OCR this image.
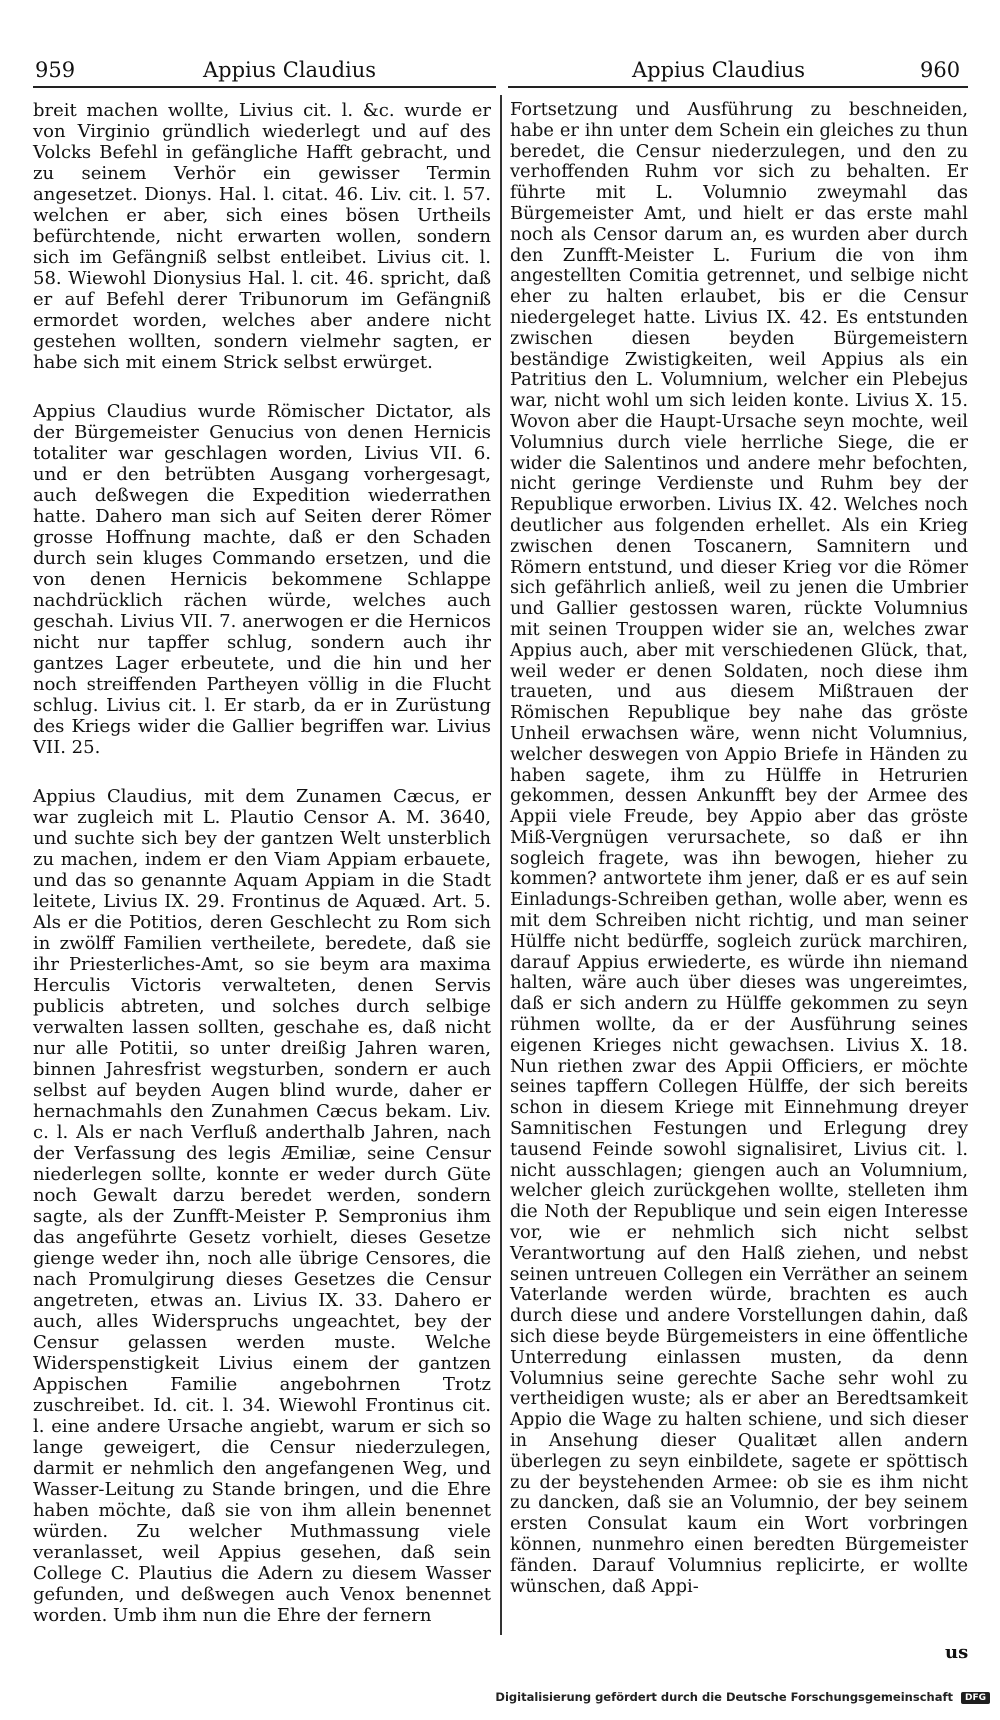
959	Appius Claudius	Appius Claudius	960

breit machen wollte, Livius cit. l. &c. wurde er von Virginio gründlich wiederlegt und auf des Volcks Befehl in gefängliche Hafft gebracht, und zu seinem Verhör ein gewisser Termin angesetzet. Dionys. Hal. l. citat. 46. Liv. cit. l. 57. welchen er aber, sich eines bösen Urtheils befürchtende, nicht erwarten wollen, sondern sich im Gefängniß selbst entleibet. Livius cit. l. 58. Wiewohl Dionysius Hal. l. cit. 46. spricht, daß er auf Befehl derer Tribunorum im Gefängniß ermordet worden, welches aber andere nicht gestehen wollten, sondern vielmehr sagten, er habe sich mit einem Strick selbst erwürget.

Appius Claudius wurde Römischer Dictator, als der Bürgemeister Genucius von denen Hernicis totaliter war geschlagen worden, Livius VII. 6. und er den betrübten Ausgang vorhergesagt, auch deßwegen die Expedition wiederrathen hatte. Dahero man sich auf Seiten derer Römer grosse Hoffnung machte, daß er den Schaden durch sein kluges Commando ersetzen, und die von denen Hernicis bekommene Schlappe nachdrücklich rächen würde, welches auch geschah. Livius VII. 7. anerwogen er die Hernicos nicht nur tapffer schlug, sondern auch ihr gantzes Lager erbeutete, und die hin und her noch streiffenden Partheyen völlig in die Flucht schlug. Livius cit. l. Er starb, da er in Zurüstung des Kriegs wider die Gallier begriffen war. Livius VII. 25.

Appius Claudius, mit dem Zunamen Cæcus, er war zugleich mit L. Plautio Censor A. M. 3640, und suchte sich bey der gantzen Welt unsterblich zu machen, indem er den Viam Appiam erbauete, und das so genannte Aquam Appiam in die Stadt leitete, Livius IX. 29. Frontinus de Aquæd. Art. 5. Als er die Potitios, deren Geschlecht zu Rom sich in zwölff Familien vertheilete, beredete, daß sie ihr Priesterliches-Amt, so sie beym ara maxima Herculis Victoris verwalteten, denen Servis publicis abtreten, und solches durch selbige verwalten lassen sollten, geschahe es, daß nicht nur alle Potitii, so unter dreißig Jahren waren, binnen Jahresfrist wegsturben, sondern er auch selbst auf beyden Augen blind wurde, daher er hernachmahls den Zunahmen Cæcus bekam. Liv. c. l. Als er nach Verfluß anderthalb Jahren, nach der Verfassung des legis Æmiliæ, seine Censur niederlegen sollte, konnte er weder durch Güte noch Gewalt darzu beredet werden, sondern sagte, als der Zunfft-Meister P. Sempronius ihm das angeführte Gesetz vorhielt, dieses Gesetze gienge weder ihn, noch alle übrige Censores, die nach Promulgirung dieses Gesetzes die Censur angetreten, etwas an. Livius IX. 33. Dahero er auch, alles Widerspruchs ungeachtet, bey der Censur gelassen werden muste. Welche Widerspenstigkeit Livius einem der gantzen Appischen Familie angebohrnen Trotz zuschreibet. Id. cit. l. 34. Wiewohl Frontinus cit. l. eine andere Ursache angiebt, warum er sich so lange geweigert, die Censur niederzulegen, darmit er nehmlich den angefangenen Weg, und Wasser-Leitung zu Stande bringen, und die Ehre haben möchte, daß sie von ihm allein benennet würden. Zu welcher Muthmassung viele veranlasset, weil Appius gesehen, daß sein College C. Plautius die Adern zu diesem Wasser gefunden, und deßwegen auch Venox benennet worden. Umb ihm nun die Ehre der fernern

Fortsetzung und Ausführung zu beschneiden, habe er ihn unter dem Schein ein gleiches zu thun beredet, die Censur niederzulegen, und den zu verhoffenden Ruhm vor sich zu behalten. Er führte mit L. Volumnio zweymahl das Bürgemeister Amt, und hielt er das erste mahl noch als Censor darum an, es wurden aber durch den Zunfft-Meister L. Furium die von ihm angestellten Comitia getrennet, und selbige nicht eher zu halten erlaubet, bis er die Censur niedergeleget hatte. Livius IX. 42. Es entstunden zwischen diesen beyden Bürgemeistern beständige Zwistigkeiten, weil Appius als ein Patritius den L. Volumnium, welcher ein Plebejus war, nicht wohl um sich leiden konte. Livius X. 15. Wovon aber die Haupt-Ursache seyn mochte, weil Volumnius durch viele herrliche Siege, die er wider die Salentinos und andere mehr befochten, nicht geringe Verdienste und Ruhm bey der Republique erworben. Livius IX. 42. Welches noch deutlicher aus folgenden erhellet. Als ein Krieg zwischen denen Toscanern, Samnitern und Römern entstund, und dieser Krieg vor die Römer sich gefährlich anließ, weil zu jenen die Umbrier und Gallier gestossen waren, rückte Volumnius mit seinen Trouppen wider sie an, welches zwar Appius auch, aber mit verschiedenen Glück, that, weil weder er denen Soldaten, noch diese ihm traueten, und aus diesem Mißtrauen der Römischen Republique bey nahe das gröste Unheil erwachsen wäre, wenn nicht Volumnius, welcher deswegen von Appio Briefe in Händen zu haben sagete, ihm zu Hülffe in Hetrurien gekommen, dessen Ankunfft bey der Armee des Appii viele Freude, bey Appio aber das gröste Miß-Vergnügen verursachete, so daß er ihn sogleich fragete, was ihn bewogen, hieher zu kommen? antwortete ihm jener, daß er es auf sein Einladungs-Schreiben gethan, wolle aber, wenn es mit dem Schreiben nicht richtig, und man seiner Hülffe nicht bedürffe, sogleich zurück marchiren, darauf Appius erwiederte, es würde ihn niemand halten, wäre auch über dieses was ungereimtes, daß er sich andern zu Hülffe gekommen zu seyn rühmen wollte, da er der Ausführung seines eigenen Krieges nicht gewachsen. Livius X. 18. Nun riethen zwar des Appii Officiers, er möchte seines tapffern Collegen Hülffe, der sich bereits schon in diesem Kriege mit Einnehmung dreyer Samnitischen Festungen und Erlegung drey tausend Feinde sowohl signalisiret, Livius cit. l. nicht ausschlagen; giengen auch an Volumnium, welcher gleich zurückgehen wollte, stelleten ihm die Noth der Republique und sein eigen Interesse vor, wie er nehmlich sich nicht selbst Verantwortung auf den Halß ziehen, und nebst seinen untreuen Collegen ein Verräther an seinem Vaterlande werden würde, brachten es auch durch diese und andere Vorstellungen dahin, daß sich diese beyde Bürgemeisters in eine öffentliche Unterredung einlassen musten, da denn Volumnius seine gerechte Sache sehr wohl zu vertheidigen wuste; als er aber an Beredtsamkeit Appio die Wage zu halten schiene, und sich dieser in Ansehung dieser Qualitæt allen andern überlegen zu seyn einbildete, sagete er spöttisch zu der beystehenden Armee: ob sie es ihm nicht zu dancken, daß sie an Volumnio, der bey seinem ersten Consulat kaum ein Wort vorbringen können, nunmehro einen beredten Bürgemeister fänden. Darauf Volumnius replicirte, er wollte wünschen, daß Appi-

us
Digitalisierung gefördert durch die Deutsche Forschungsgemeinschaft DFG
